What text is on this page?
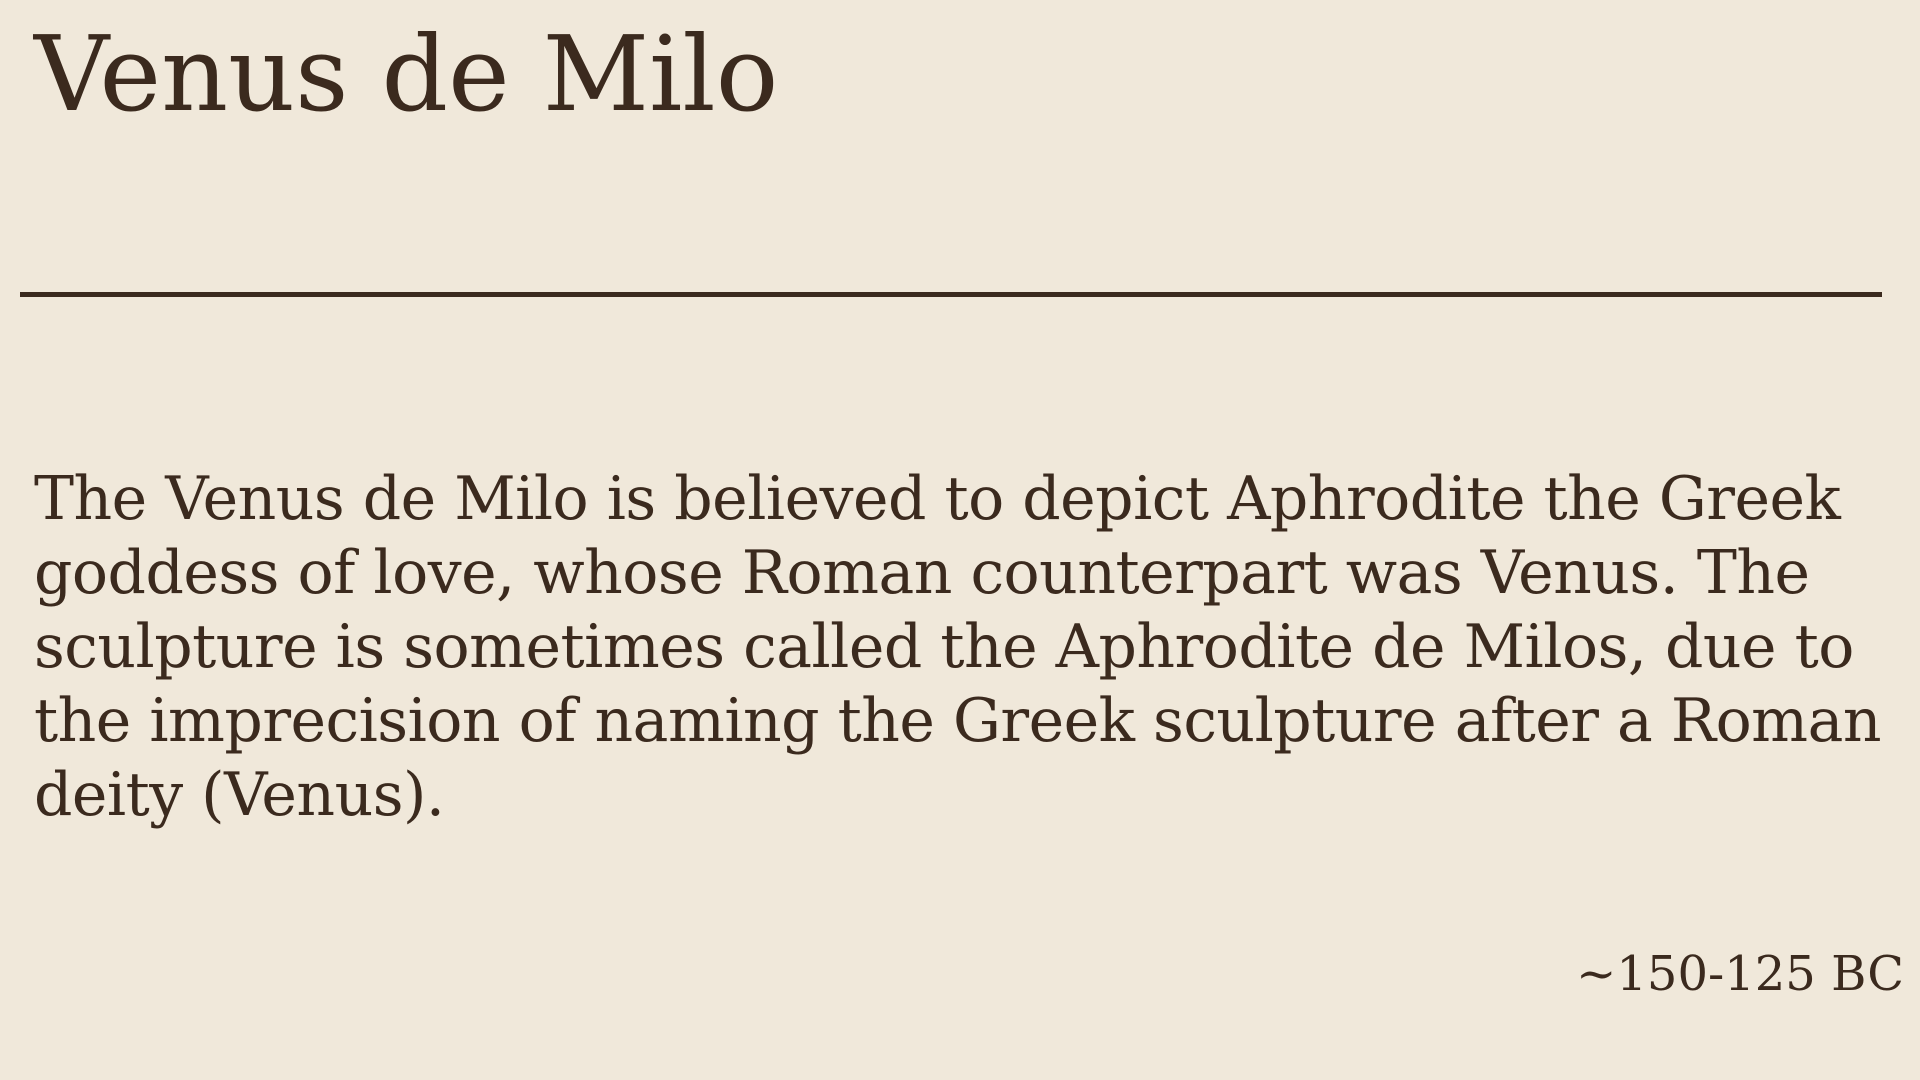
Venus de Milo

The Venus de Milo is believed to depict Aphrodite the Greek goddess of love, whose Roman counterpart was Venus. The sculpture is sometimes called the Aphrodite de Milos, due to the imprecision of naming the Greek sculpture after a Roman deity (Venus).

~150-125 BC
